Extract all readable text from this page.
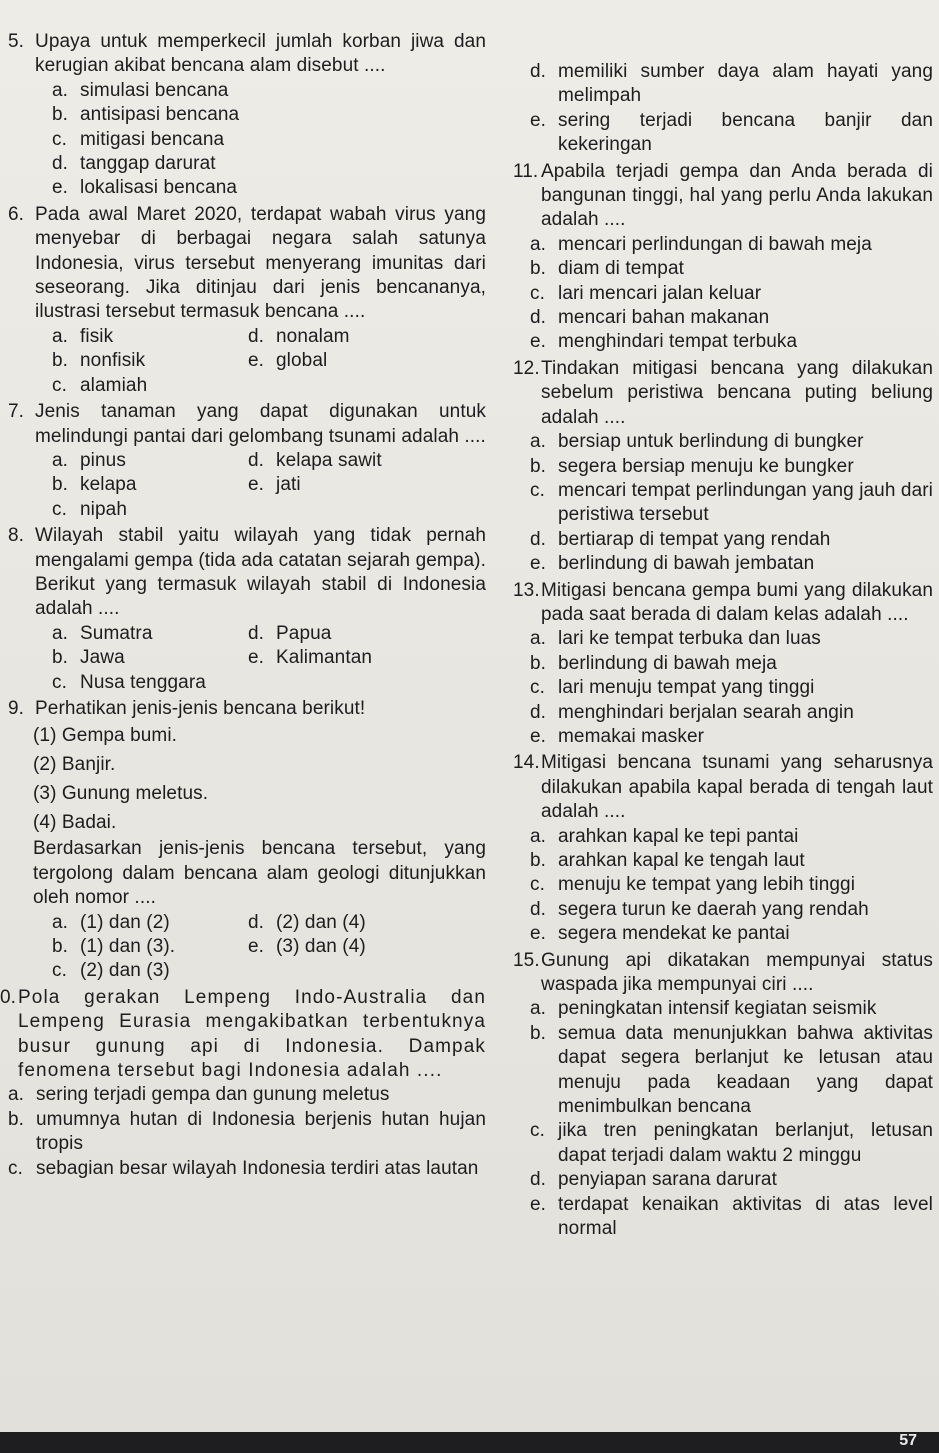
5. Upaya untuk memperkecil jumlah korban jiwa dan kerugian akibat bencana alam disebut ....
a. simulasi bencana
b. antisipasi bencana
c. mitigasi bencana
d. tanggap darurat
e. lokalisasi bencana
6. Pada awal Maret 2020, terdapat wabah virus yang menyebar di berbagai negara salah satunya Indonesia, virus tersebut menyerang imunitas dari seseorang. Jika ditinjau dari jenis bencananya, ilustrasi tersebut termasuk bencana ....
a. fisik	d. nonalam
b. nonfisik	e. global
c. alamiah
7. Jenis tanaman yang dapat digunakan untuk melindungi pantai dari gelombang tsunami adalah ....
a. pinus	d. kelapa sawit
b. kelapa	e. jati
c. nipah
8. Wilayah stabil yaitu wilayah yang tidak pernah mengalami gempa (tida ada catatan sejarah gempa). Berikut yang termasuk wilayah stabil di Indonesia adalah ....
a. Sumatra	d. Papua
b. Jawa	e. Kalimantan
c. Nusa tenggara
9. Perhatikan jenis-jenis bencana berikut!
(1) Gempa bumi.
(2) Banjir.
(3) Gunung meletus.
(4) Badai.
Berdasarkan jenis-jenis bencana tersebut, yang tergolong dalam bencana alam geologi ditunjukkan oleh nomor ....
a. (1) dan (2)	d. (2) dan (4)
b. (1) dan (3).	e. (3) dan (4)
c. (2) dan (3)
0. Pola gerakan Lempeng Indo-Australia dan Lempeng Eurasia mengakibatkan terbentuknya busur gunung api di Indonesia. Dampak fenomena tersebut bagi Indonesia adalah ....
a. sering terjadi gempa dan gunung meletus
b. umumnya hutan di Indonesia berjenis hutan hujan tropis
c. sebagian besar wilayah Indonesia terdiri atas lautan
d. memiliki sumber daya alam hayati yang melimpah
e. sering terjadi bencana banjir dan kekeringan
11. Apabila terjadi gempa dan Anda berada di bangunan tinggi, hal yang perlu Anda lakukan adalah ....
a. mencari perlindungan di bawah meja
b. diam di tempat
c. lari mencari jalan keluar
d. mencari bahan makanan
e. menghindari tempat terbuka
12. Tindakan mitigasi bencana yang dilakukan sebelum peristiwa bencana puting beliung adalah ....
a. bersiap untuk berlindung di bungker
b. segera bersiap menuju ke bungker
c. mencari tempat perlindungan yang jauh dari peristiwa tersebut
d. bertiarap di tempat yang rendah
e. berlindung di bawah jembatan
13. Mitigasi bencana gempa bumi yang dilakukan pada saat berada di dalam kelas adalah ....
a. lari ke tempat terbuka dan luas
b. berlindung di bawah meja
c. lari menuju tempat yang tinggi
d. menghindari berjalan searah angin
e. memakai masker
14. Mitigasi bencana tsunami yang seharusnya dilakukan apabila kapal berada di tengah laut adalah ....
a. arahkan kapal ke tepi pantai
b. arahkan kapal ke tengah laut
c. menuju ke tempat yang lebih tinggi
d. segera turun ke daerah yang rendah
e. segera mendekat ke pantai
15. Gunung api dikatakan mempunyai status waspada jika mempunyai ciri ....
a. peningkatan intensif kegiatan seismik
b. semua data menunjukkan bahwa aktivitas dapat segera berlanjut ke letusan atau menuju pada keadaan yang dapat menimbulkan bencana
c. jika tren peningkatan berlanjut, letusan dapat terjadi dalam waktu 2 minggu
d. penyiapan sarana darurat
e. terdapat kenaikan aktivitas di atas level normal
57
